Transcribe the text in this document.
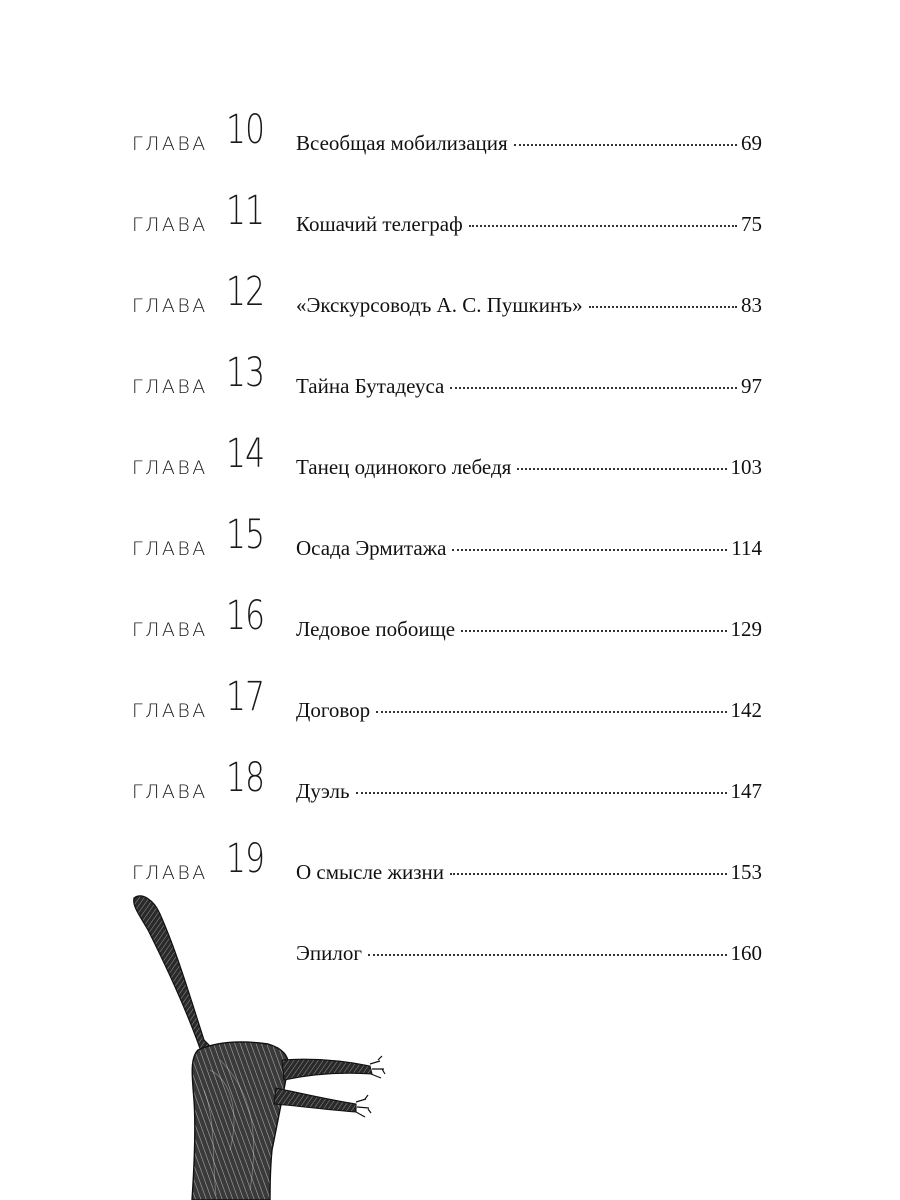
ГЛАВА 10 Всеобщая мобилизация	69
ГЛАВА 11 Кошачий телеграф	75
ГЛАВА 12 «Экскурсоводъ А. С. Пушкинъ»	83
ГЛАВА 13 Тайна Бутадеуса	97
ГЛАВА 14 Танец одинокого лебедя	103
ГЛАВА 15 Осада Эрмитажа	114
ГЛАВА 16 Ледовое побоище	129
ГЛАВА 17 Договор	142
ГЛАВА 18 Дуэль	147
ГЛАВА 19 О смысле жизни	153
Эпилог	160
